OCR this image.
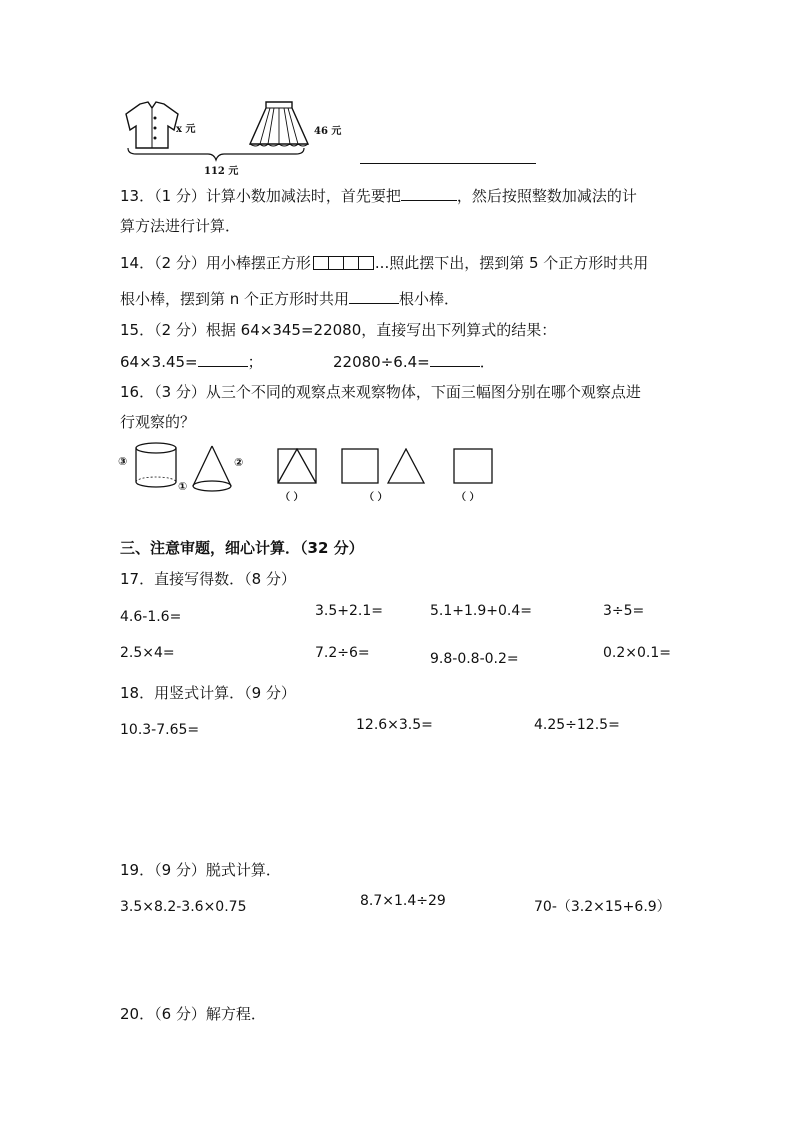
x 元	46 元
112 元
13．（1 分）计算小数加减法时，首先要把	，然后按照整数加减法的计
算方法进行计算．
14．（2 分）用小棒摆正方形	...照此摆下出，摆到第 5 个正方形时共用
根小棒，摆到第 n 个正方形时共用	根小棒．
15．（2 分）根据 64×345=22080，直接写出下列算式的结果：
64×3.45=	；	22080÷6.4=	．
16．（3 分）从三个不同的观察点来观察物体，下面三幅图分别在哪个观察点进
行观察的？
③
①
②
（ ）	（ ）	（ ）
三、注意审题，细心计算．（32 分）
17．直接写得数．（8 分）
4.6-1.6=	3.5+2.1=	5.1+1.9+0.4=	3÷5=
2.5×4=	7.2÷6=	9.8-0.8-0.2=	0.2×0.1=
18．用竖式计算．（9 分）
10.3-7.65=	12.6×3.5=	4.25÷12.5=
19．（9 分）脱式计算．
3.5×8.2-3.6×0.75	8.7×1.4÷29	70-（3.2×15+6.9）
20．（6 分）解方程．
